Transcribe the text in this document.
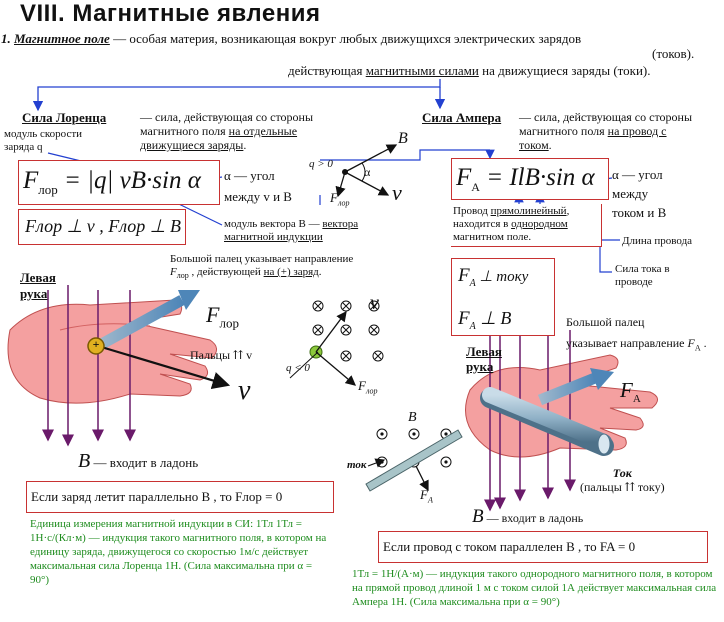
VIII. Магнитные явления
1. Магнитное поле — особая материя, возникающая вокруг любых движущихся электрических зарядов
(токов).
действующая магнитными силами на движущиеся заряды (токи).
Сила Лоренца	— сила, действующая со стороны
магнитного поля на отдельные
движущиеся заряды.
модуль скорости
заряда q
$F_{лор} = |q|$ vB·sin α	α — угол
между v и B
Fлор ⊥ v , Fлор ⊥ B	модуль вектора B — вектора
магнитной индукции
q > 0
α
B
v
$F_{лор}$
Сила Ампера — сила, действующая со стороны
магнитного поля на провод с
током.
$F_A = IlB\cdot\sin$ α	α — угол
между
током и B
Провод прямолинейный,
находится в однородном
магнитном поле.	Длина провода
Сила тока в
проводе
$F_A$ ⊥ току
$F_A$ ⊥ B
Левая
рука
Большой палец указывает направление
$F_{лор}$ , действующей на (+) заряд.
$F_{лор}$
Пальцы ⇈ v
v
+
B — входит в ладонь
q < 0
v
$F_{лор}$
Левая
рука
Большой палец
указывает направление $F_A$ .
$F_A$
Ток
(пальцы ⇈ току)
B — входит в ладонь
ток
B
$F_A$
Если заряд летит параллельно B , то Fлор = 0
Единица измерения магнитной индукции в СИ: 1Тл 1Тл = 1Н·с/(Кл·м) — индукция такого магнитного поля, в котором на единицу заряда, движущегося со скоростью 1м/с действует максимальная сила Лоренца 1Н. (Сила максимальна при α = 90°)
Если провод с током параллелен B , то FA = 0
1Тл = 1Н/(А·м) — индукция такого однородного магнитного поля, в котором на прямой провод длиной 1 м с током силой 1А действует максимальная сила Ампера 1Н. (Сила максимальна при α = 90°)
